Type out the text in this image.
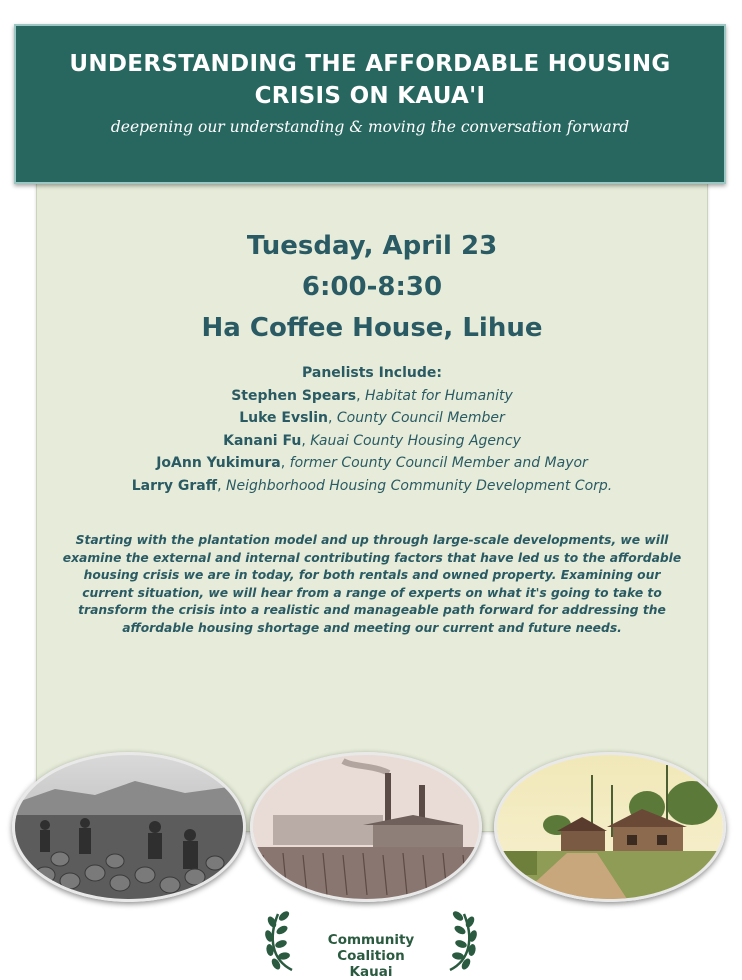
UNDERSTANDING THE AFFORDABLE HOUSING
CRISIS ON KAUA'I
deepening our understanding & moving the conversation forward
Tuesday, April 23
6:00-8:30
Ha Coffee House, Lihue
Panelists Include:
Stephen Spears, Habitat for Humanity
Luke Evslin, County Council Member
Kanani Fu, Kauai County Housing Agency
JoAnn Yukimura, former County Council Member and Mayor
Larry Graff, Neighborhood Housing Community Development Corp.
Starting with the plantation model and up through large-scale developments, we will examine the external and internal contributing factors that have led us to the affordable housing crisis we are in today, for both rentals and owned property. Examining our current situation, we will hear from a range of experts on what it's going to take to transform the crisis into a realistic and manageable path forward for addressing the affordable housing shortage and meeting our current and future needs.
Community Coalition
Kauai
